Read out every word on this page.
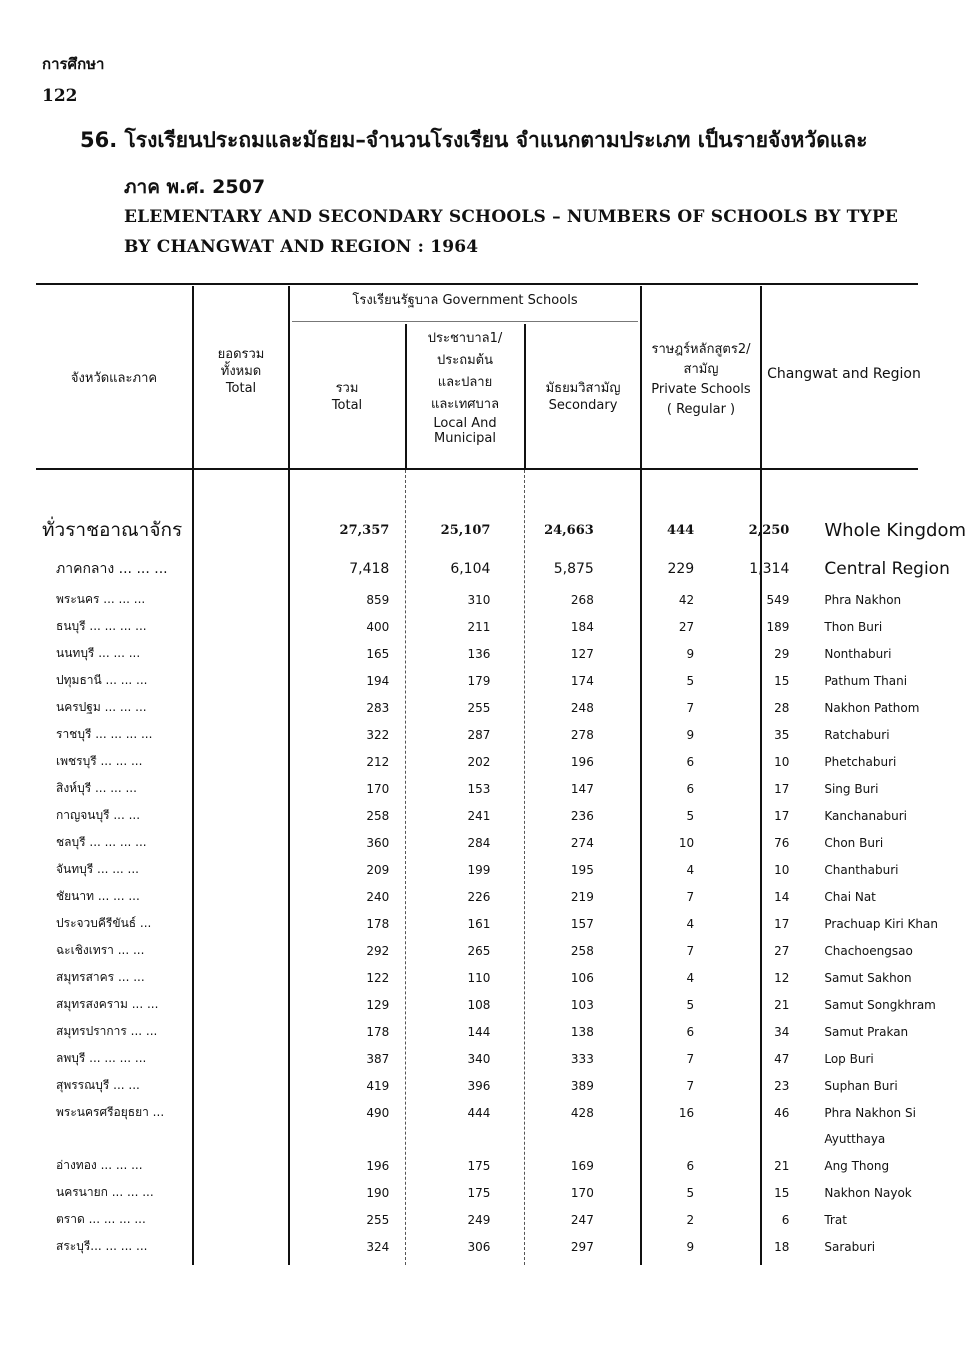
การศึกษา
122
56. โรงเรียนประถมและมัธยม–จำนวนโรงเรียน จำแนกตามประเภท เป็นรายจังหวัดและ
ภาค พ.ศ. 2507
ELEMENTARY AND SECONDARY SCHOOLS – NUMBERS OF SCHOOLS BY TYPE
BY CHANGWAT AND REGION : 1964
จังหวัดและภาค
ยอดรวม
ทั้งหมด
Total
โรงเรียนรัฐบาล Government Schools
รวม
Total
ประชาบาล1/
ประถมต้น
และปลาย
และเทศบาล
Local And
Municipal
มัธยมวิสามัญ
Secondary
ราษฎร์หลักสูตร2/
สามัญ
Private Schools
( Regular )
Changwat and Region
ทั่วราชอาณาจักร	27,357	25,107	24,663	444	2,250	Whole Kingdom
ภาคกลาง ... ... ...	7,418	6,104	5,875	229	1,314	Central Region
พระนคร ... ... ...	859	310	268	42	549	Phra Nakhon
ธนบุรี ... ... ... ...	400	211	184	27	189	Thon Buri
นนทบุรี ... ... ...	165	136	127	9	29	Nonthaburi
ปทุมธานี ... ... ...	194	179	174	5	15	Pathum Thani
นครปฐม ... ... ...	283	255	248	7	28	Nakhon Pathom
ราชบุรี ... ... ... ...	322	287	278	9	35	Ratchaburi
เพชรบุรี ... ... ...	212	202	196	6	10	Phetchaburi
สิงห์บุรี ... ... ...	170	153	147	6	17	Sing Buri
กาญจนบุรี ... ...	258	241	236	5	17	Kanchanaburi
ชลบุรี ... ... ... ...	360	284	274	10	76	Chon Buri
จันทบุรี ... ... ...	209	199	195	4	10	Chanthaburi
ชัยนาท ... ... ...	240	226	219	7	14	Chai Nat
ประจวบคีรีขันธ์ ...	178	161	157	4	17	Prachuap Kiri Khan
ฉะเชิงเทรา ... ...	292	265	258	7	27	Chachoengsao
สมุทรสาคร ... ...	122	110	106	4	12	Samut Sakhon
สมุทรสงคราม ... ...	129	108	103	5	21	Samut Songkhram
สมุทรปราการ ... ...	178	144	138	6	34	Samut Prakan
ลพบุรี ... ... ... ...	387	340	333	7	47	Lop Buri
สุพรรณบุรี ... ...	419	396	389	7	23	Suphan Buri
พระนครศรีอยุธยา ...	490	444	428	16	46	Phra Nakhon Si
						Ayutthaya
อ่างทอง ... ... ...	196	175	169	6	21	Ang Thong
นครนายก ... ... ...	190	175	170	5	15	Nakhon Nayok
ตราด ... ... ... ...	255	249	247	2	6	Trat
สระบุรี... ... ... ...	324	306	297	9	18	Saraburi
